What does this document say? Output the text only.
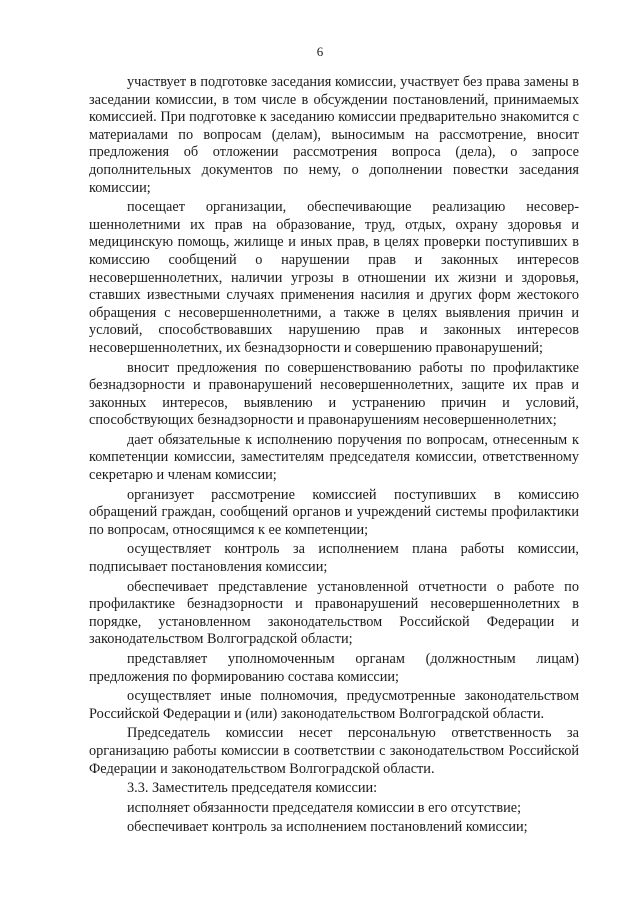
6

участвует в подготовке заседания комиссии, участвует без права замены в заседании комиссии, в том числе в обсуждении постановлений, принимаемых комиссией. При подготовке к заседанию комиссии предварительно знакомится с материалами по вопросам (делам), выносимым на рассмотрение, вносит предложения об отложении рассмотрения вопроса (дела), о запросе дополнительных документов по нему, о дополнении повестки заседания комиссии;

посещает организации, обеспечивающие реализацию несовершеннолетними их прав на образование, труд, отдых, охрану здоровья и медицинскую помощь, жилище и иных прав, в целях проверки поступивших в комиссию сообщений о нарушении прав и законных интересов несовершеннолетних, наличии угрозы в отношении их жизни и здоровья, ставших известными случаях применения насилия и других форм жестокого обращения с несовершеннолетними, а также в целях выявления причин и условий, способствовавших нарушению прав и законных интересов несовершеннолетних, их безнадзорности и совершению правонарушений;

вносит предложения по совершенствованию работы по профилактике безнадзорности и правонарушений несовершеннолетних, защите их прав и законных интересов, выявлению и устранению причин и условий, способствующих безнадзорности и правонарушениям несовершеннолетних;

дает обязательные к исполнению поручения по вопросам, отнесенным к компетенции комиссии, заместителям председателя комиссии, ответственному секретарю и членам комиссии;

организует рассмотрение комиссией поступивших в комиссию обращений граждан, сообщений органов и учреждений системы профилактики по вопросам, относящимся к ее компетенции;

осуществляет контроль за исполнением плана работы комиссии, подписывает постановления комиссии;

обеспечивает представление установленной отчетности о работе по профилактике безнадзорности и правонарушений несовершеннолетних в порядке, установленном законодательством Российской Федерации и законодательством Волгоградской области;

представляет уполномоченным органам (должностным лицам) предложения по формированию состава комиссии;

осуществляет иные полномочия, предусмотренные законодательством Российской Федерации и (или) законодательством Волгоградской области.

Председатель комиссии несет персональную ответственность за организацию работы комиссии в соответствии с законодательством Российской Федерации и законодательством Волгоградской области.

3.3. Заместитель председателя комиссии:

исполняет обязанности председателя комиссии в его отсутствие;

обеспечивает контроль за исполнением постановлений комиссии;
